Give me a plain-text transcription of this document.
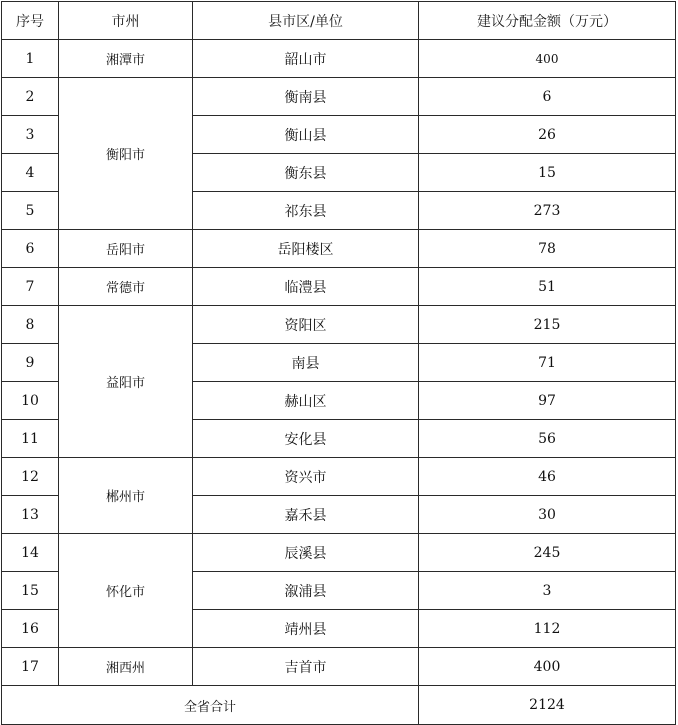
序号	市州	县市区/单位	建议分配金额（万元）
1	湘潭市	韶山市	400
2	衡阳市	衡南县	6
3		衡山县	26
4		衡东县	15
5		祁东县	273
6	岳阳市	岳阳楼区	78
7	常德市	临澧县	51
8	益阳市	资阳区	215
9		南县	71
10		赫山区	97
11		安化县	56
12	郴州市	资兴市	46
13		嘉禾县	30
14	怀化市	辰溪县	245
15		溆浦县	3
16		靖州县	112
17	湘西州	吉首市	400
全省合计			2124
